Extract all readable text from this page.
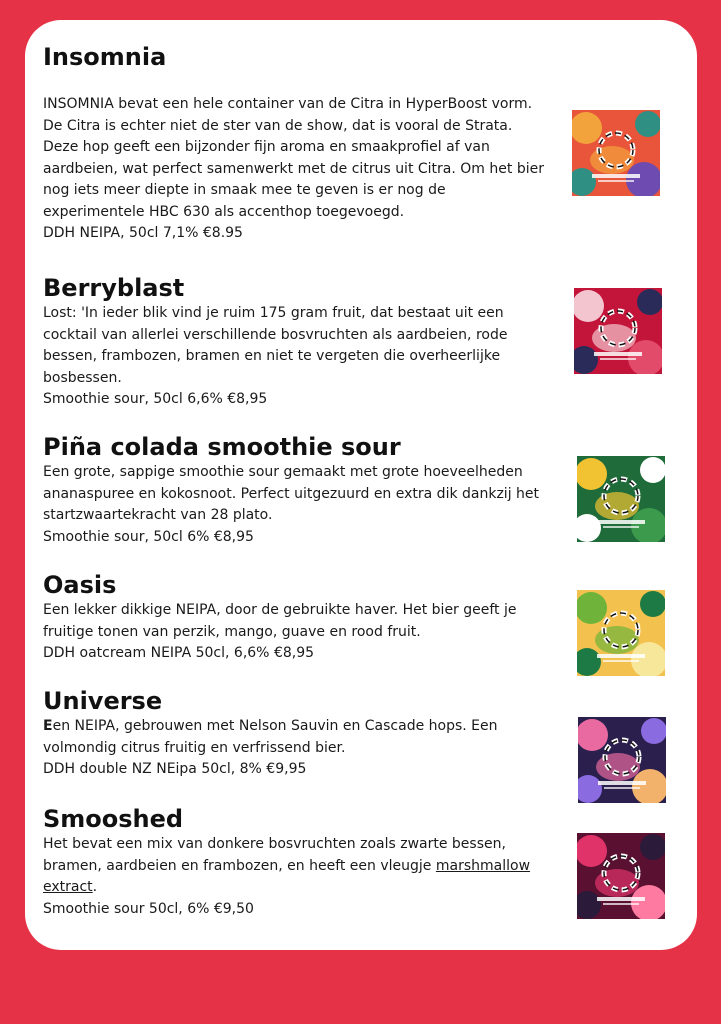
Insomnia

INSOMNIA bevat een hele container van de Citra in HyperBoost vorm. De Citra is echter niet de ster van de show, dat is vooral de Strata. Deze hop geeft een bijzonder fijn aroma en smaakprofiel af van aardbeien, wat perfect samenwerkt met de citrus uit Citra. Om het bier nog iets meer diepte in smaak mee te geven is er nog de experimentele HBC 630 als accenthop toegevoegd.

DDH NEIPA, 50cl 7,1% €8.95
Berryblast

Lost: 'In ieder blik vind je ruim 175 gram fruit, dat bestaat uit een cocktail van allerlei verschillende bosvruchten als aardbeien, rode bessen, frambozen, bramen en niet te vergeten die overheerlijke bosbessen.

Smoothie sour, 50cl 6,6% €8,95
Piña colada smoothie sour

Een grote, sappige smoothie sour gemaakt met grote hoeveelheden ananaspuree en kokosnoot. Perfect uitgezuurd en extra dik dankzij het startzwaartekracht van 28 plato.

Smoothie sour, 50cl 6% €8,95
Oasis

Een lekker dikkige NEIPA, door de gebruikte haver. Het bier geeft je fruitige tonen van perzik, mango, guave en rood fruit.

DDH oatcream NEIPA 50cl, 6,6% €8,95
Universe

Een NEIPA, gebrouwen met Nelson Sauvin en Cascade hops. Een volmondig citrus fruitig en verfrissend bier.

DDH double NZ NEipa 50cl, 8% €9,95
Smooshed

Het bevat een mix van donkere bosvruchten zoals zwarte bessen, bramen, aardbeien en frambozen, en heeft een vleugje marshmallow extract.

Smoothie sour 50cl, 6% €9,50
